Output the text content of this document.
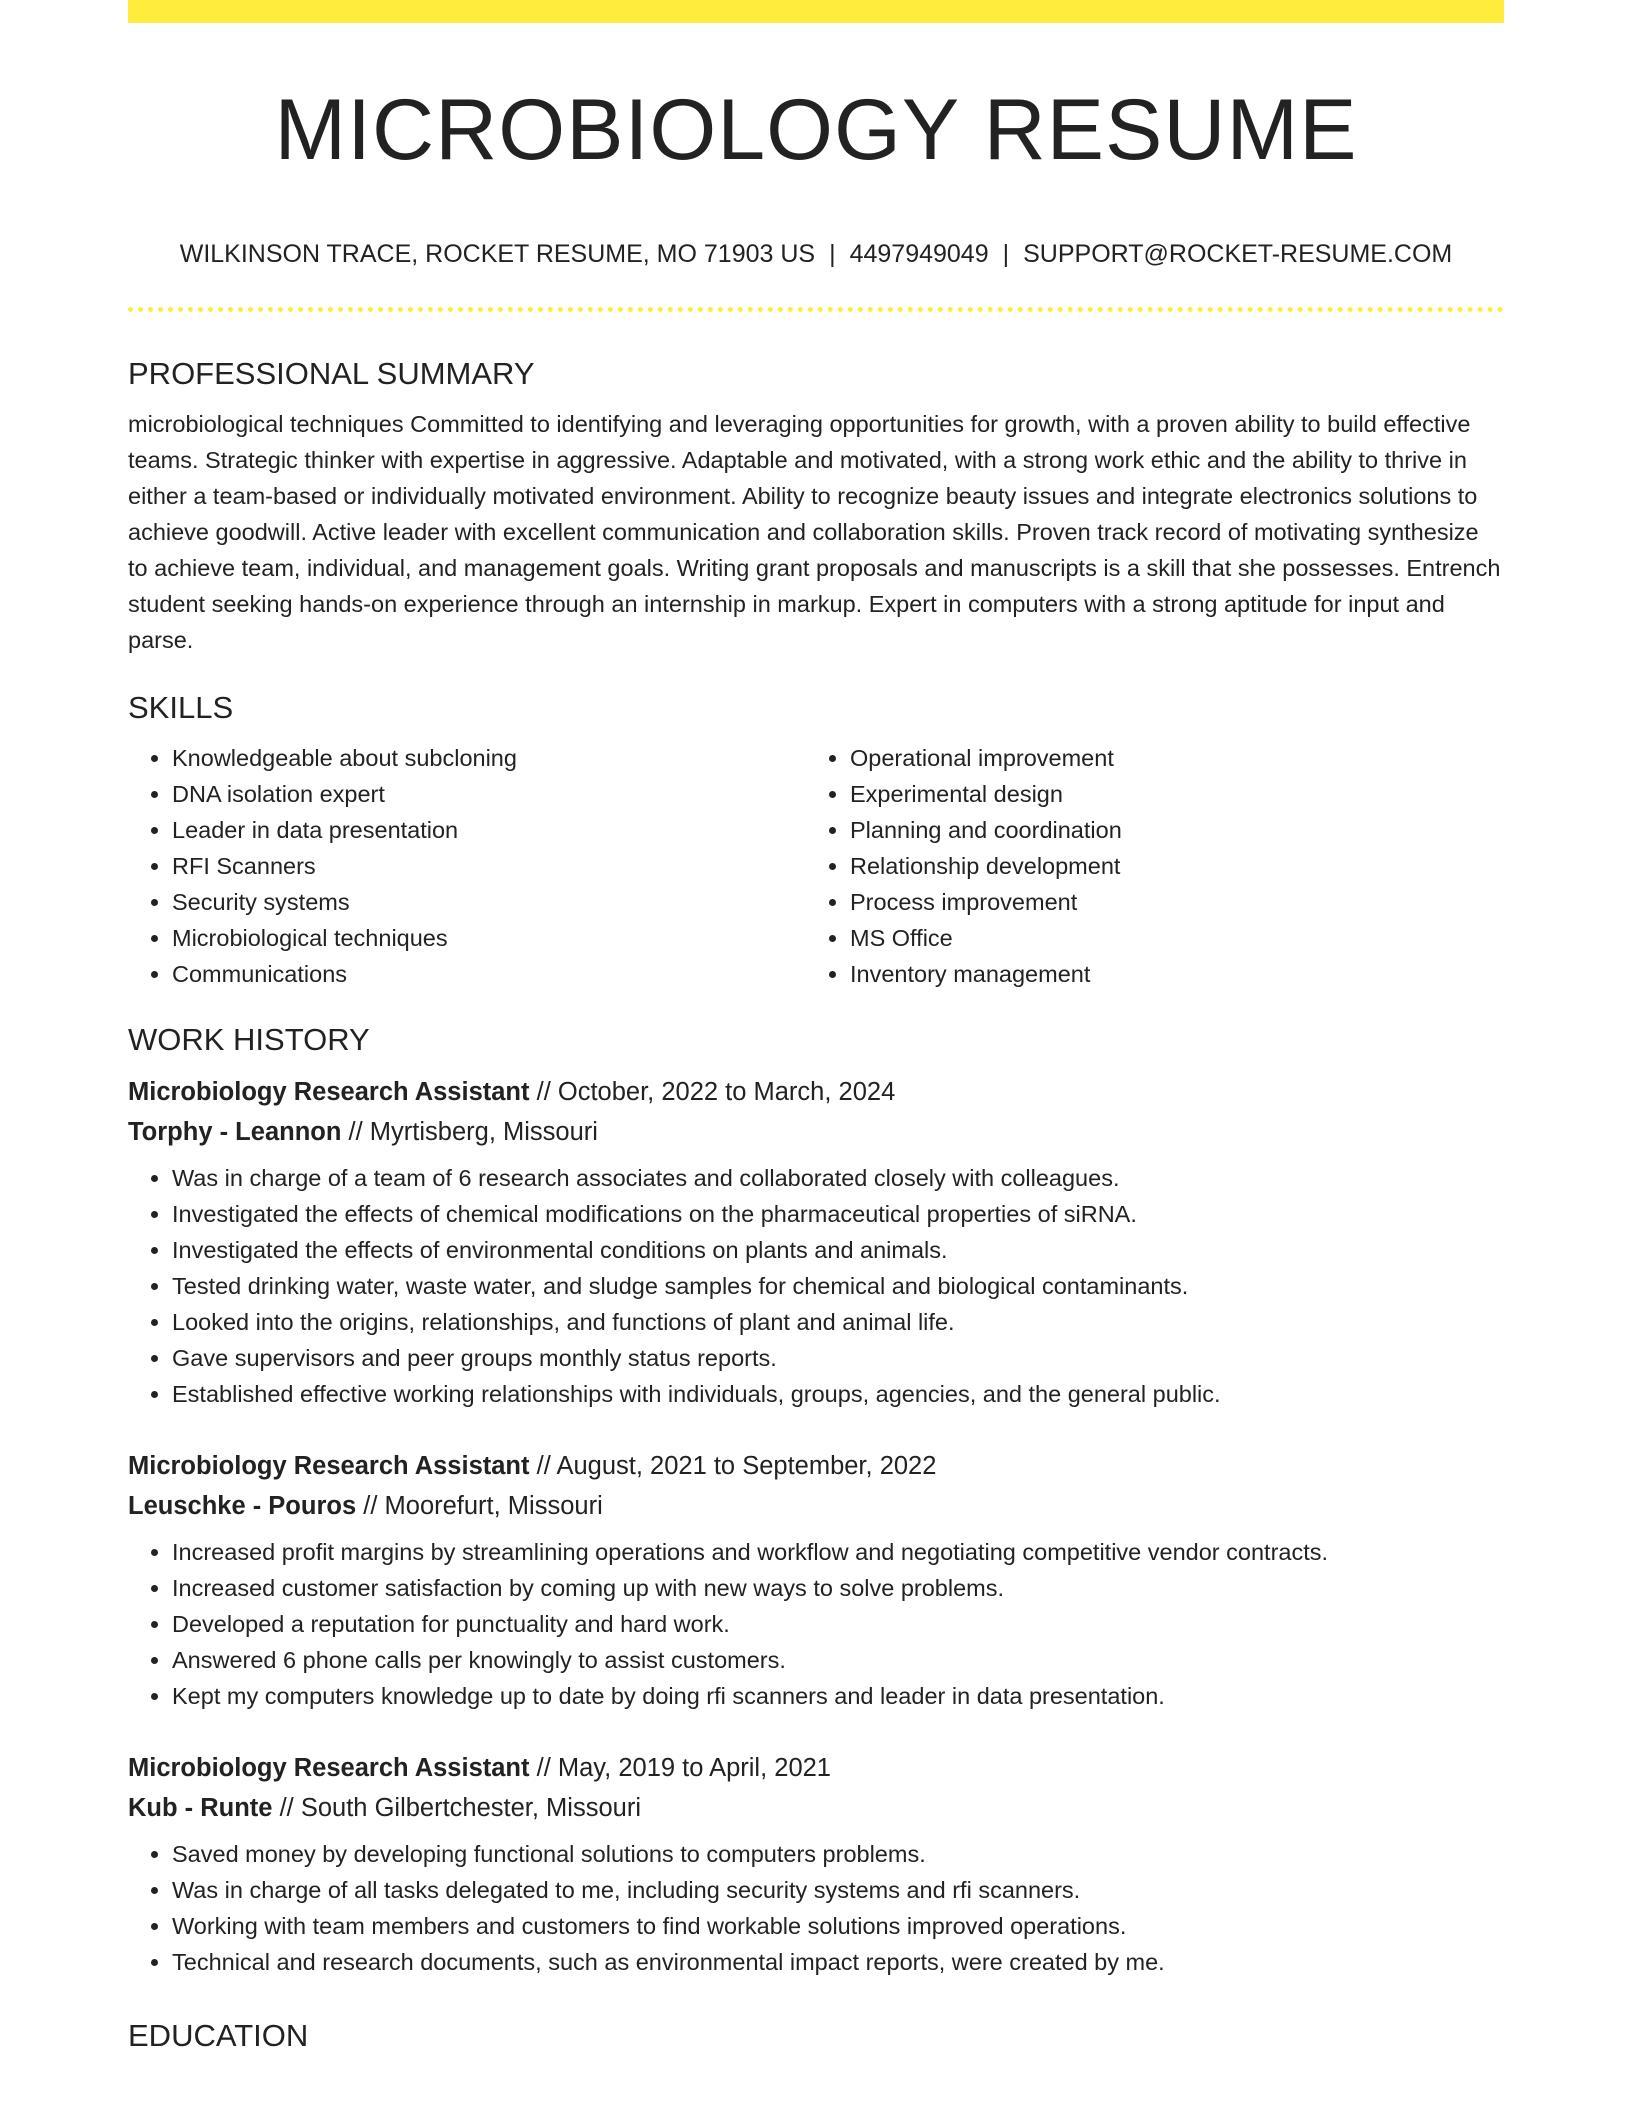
MICROBIOLOGY RESUME
WILKINSON TRACE, ROCKET RESUME, MO 71903 US | 4497949049 | SUPPORT@ROCKET-RESUME.COM
PROFESSIONAL SUMMARY

microbiological techniques Committed to identifying and leveraging opportunities for growth, with a proven ability to build effective teams. Strategic thinker with expertise in aggressive. Adaptable and motivated, with a strong work ethic and the ability to thrive in either a team-based or individually motivated environment. Ability to recognize beauty issues and integrate electronics solutions to achieve goodwill. Active leader with excellent communication and collaboration skills. Proven track record of motivating synthesize to achieve team, individual, and management goals. Writing grant proposals and manuscripts is a skill that she possesses. Entrench student seeking hands-on experience through an internship in markup. Expert in computers with a strong aptitude for input and parse.

SKILLS
• Knowledgeable about subcloning
• DNA isolation expert
• Leader in data presentation
• RFI Scanners
• Security systems
• Microbiological techniques
• Communications
• Operational improvement
• Experimental design
• Planning and coordination
• Relationship development
• Process improvement
• MS Office
• Inventory management
WORK HISTORY

Microbiology Research Assistant // October, 2022 to March, 2024

Torphy - Leannon // Myrtisberg, Missouri

• Was in charge of a team of 6 research associates and collaborated closely with colleagues.
• Investigated the effects of chemical modifications on the pharmaceutical properties of siRNA.
• Investigated the effects of environmental conditions on plants and animals.
• Tested drinking water, waste water, and sludge samples for chemical and biological contaminants.
• Looked into the origins, relationships, and functions of plant and animal life.
• Gave supervisors and peer groups monthly status reports.
• Established effective working relationships with individuals, groups, agencies, and the general public.

Microbiology Research Assistant // August, 2021 to September, 2022

Leuschke - Pouros // Moorefurt, Missouri

• Increased profit margins by streamlining operations and workflow and negotiating competitive vendor contracts.
• Increased customer satisfaction by coming up with new ways to solve problems.
• Developed a reputation for punctuality and hard work.
• Answered 6 phone calls per knowingly to assist customers.
• Kept my computers knowledge up to date by doing rfi scanners and leader in data presentation.

Microbiology Research Assistant // May, 2019 to April, 2021

Kub - Runte // South Gilbertchester, Missouri

• Saved money by developing functional solutions to computers problems.
• Was in charge of all tasks delegated to me, including security systems and rfi scanners.
• Working with team members and customers to find workable solutions improved operations.
• Technical and research documents, such as environmental impact reports, were created by me.
EDUCATION
